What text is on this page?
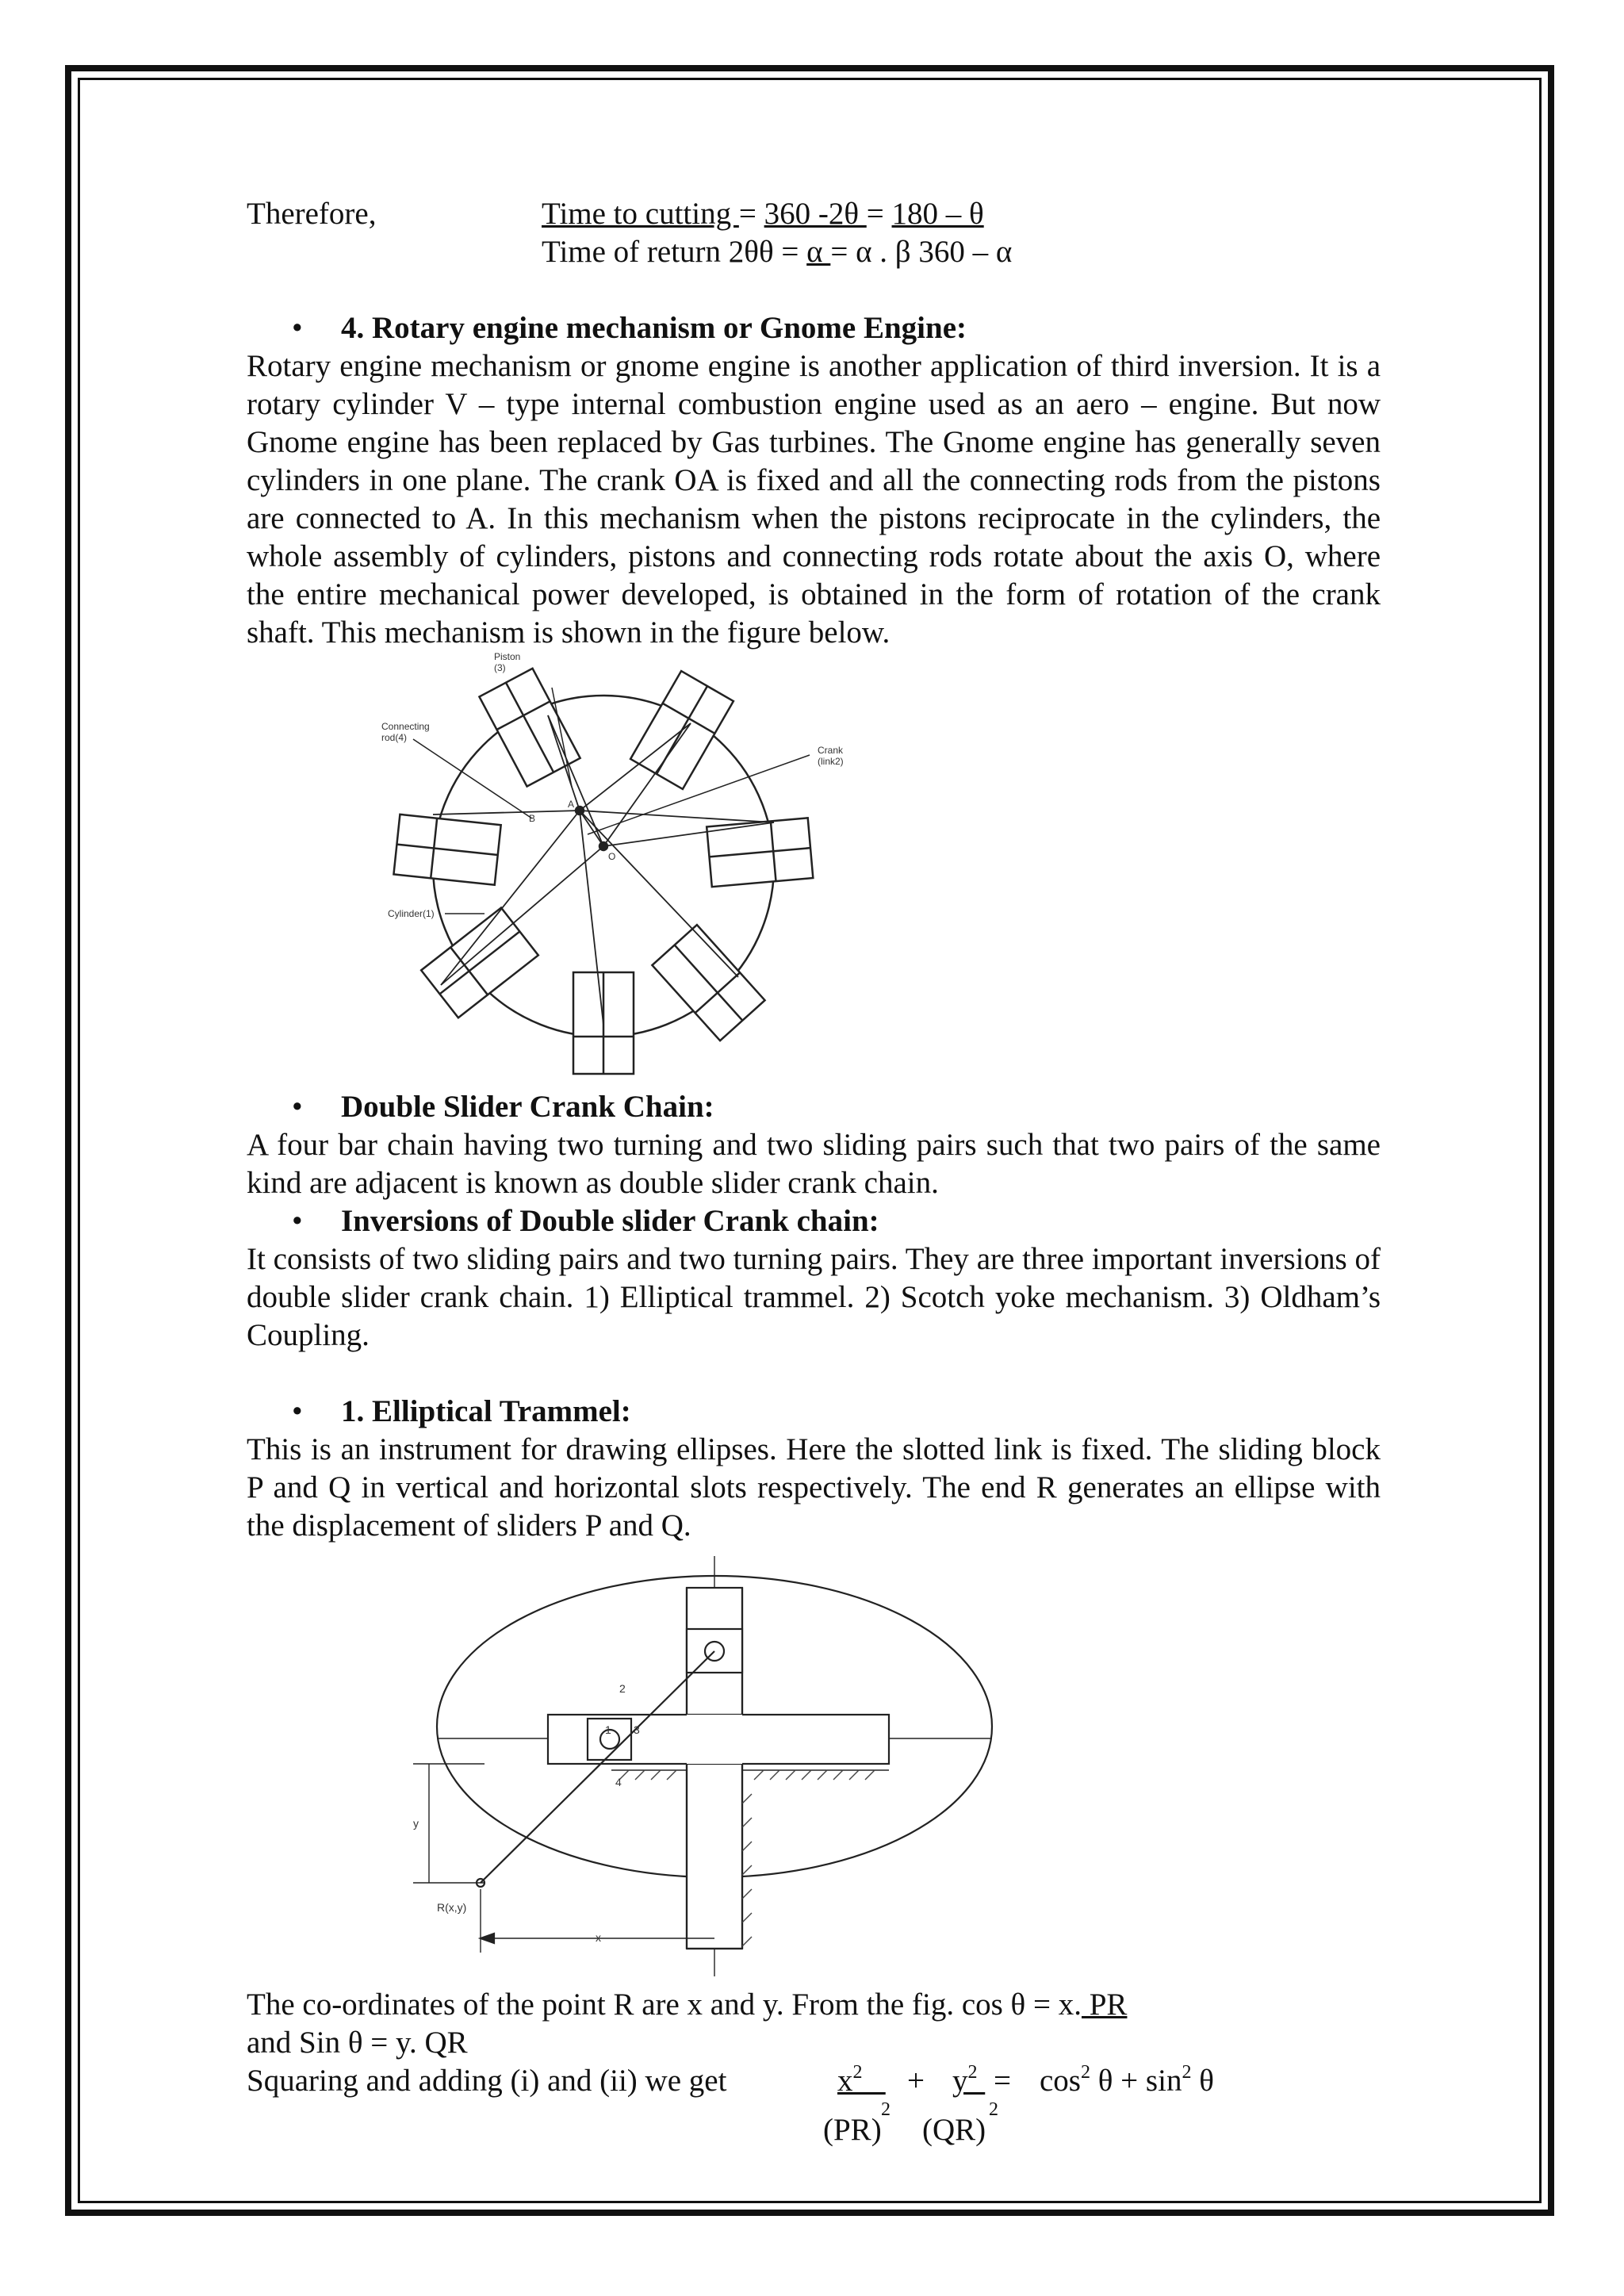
Therefore,	Time to cutting = 360 -2θ = 180 – θ
Time of return 2θθ = α = α . β 360 – α
•	4. Rotary engine mechanism or Gnome Engine:
Rotary engine mechanism or gnome engine is another application of third inversion. It is a rotary cylinder V – type internal combustion engine used as an aero – engine. But now Gnome engine has been replaced by Gas turbines. The Gnome engine has generally seven cylinders in one plane. The crank OA is fixed and all the connecting rods from the pistons are connected to A. In this mechanism when the pistons reciprocate in the cylinders, the whole assembly of cylinders, pistons and connecting rods rotate about the axis O, where the entire mechanical power developed, is obtained in the form of rotation of the crank shaft. This mechanism is shown in the figure below.
Piston
(3)
Connecting
rod(4)
Crank
(link2)
Cylinder(1)
A
O
B
•	Double Slider Crank Chain:
A four bar chain having two turning and two sliding pairs such that two pairs of the same kind are adjacent is known as double slider crank chain.
•	Inversions of Double slider Crank chain:
It consists of two sliding pairs and two turning pairs. They are three important inversions of double slider crank chain. 1) Elliptical trammel. 2) Scotch yoke mechanism. 3) Oldham’s Coupling.
•	1. Elliptical Trammel:
This is an instrument for drawing ellipses. Here the slotted link is fixed. The sliding block P and Q in vertical and horizontal slots respectively. The end R generates an ellipse with the displacement of sliders P and Q.
2
1 3
4
y
x
R(x,y)
The co-ordinates of the point R are x and y. From the fig. cos θ = x. PR
and Sin θ = y. QR
Squaring and adding (i) and (ii) we get	$x^2$	+ $y^2 = \cos^2 \theta + \sin^2 \theta$
2	2
(PR) (QR)
